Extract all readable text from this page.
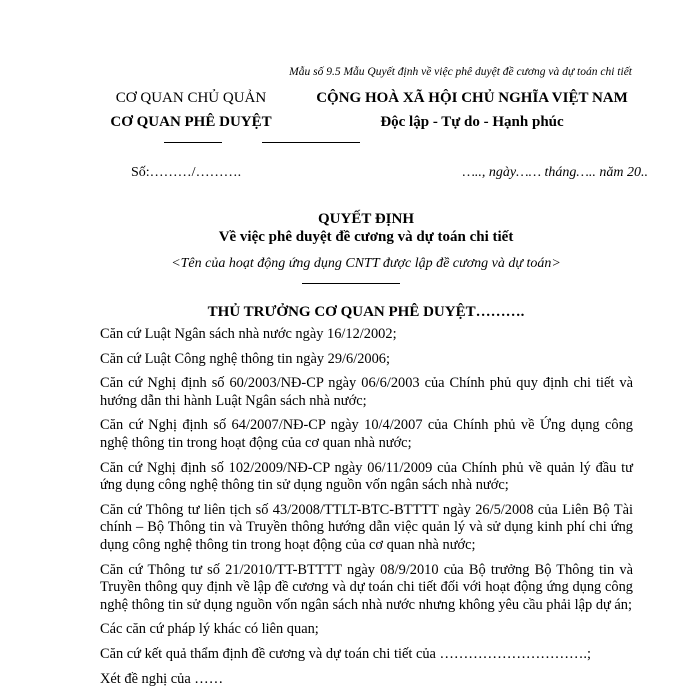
Mẫu số 9.5 Mẫu Quyết định về việc phê duyệt đề cương và dự toán chi tiết
CƠ QUAN CHỦ QUẢN
CƠ QUAN PHÊ DUYỆT
CỘNG HOÀ XÃ HỘI CHỦ NGHĨA VIỆT NAM
Độc lập - Tự do - Hạnh phúc
Số:………/……….	….., ngày…… tháng….. năm 20..
QUYẾT ĐỊNH
Về việc phê duyệt đề cương và dự toán chi tiết
<Tên của hoạt động ứng dụng CNTT được lập đề cương và dự toán>
THỦ TRƯỞNG CƠ QUAN PHÊ DUYỆT……….

Căn cứ Luật Ngân sách nhà nước ngày 16/12/2002;

Căn cứ Luật Công nghệ thông tin ngày 29/6/2006;

Căn cứ Nghị định số 60/2003/NĐ-CP ngày 06/6/2003 của Chính phủ quy định chi tiết và hướng dẫn thi hành Luật Ngân sách nhà nước;

Căn cứ Nghị định số 64/2007/NĐ-CP ngày 10/4/2007 của Chính phủ về Ứng dụng công nghệ thông tin trong hoạt động của cơ quan nhà nước;

Căn cứ Nghị định số 102/2009/NĐ-CP ngày 06/11/2009 của Chính phủ về quản lý đầu tư ứng dụng công nghệ thông tin sử dụng nguồn vốn ngân sách nhà nước;

Căn cứ Thông tư liên tịch số 43/2008/TTLT-BTC-BTTTT ngày 26/5/2008 của Liên Bộ Tài chính – Bộ Thông tin và Truyền thông hướng dẫn việc quản lý và sử dụng kinh phí chi ứng dụng công nghệ thông tin trong hoạt động của cơ quan nhà nước;

Căn cứ Thông tư số 21/2010/TT-BTTTT ngày 08/9/2010 của Bộ trưởng Bộ Thông tin và Truyền thông quy định về lập đề cương và dự toán chi tiết đối với hoạt động ứng dụng công nghệ thông tin sử dụng nguồn vốn ngân sách nhà nước nhưng không yêu cầu phải lập dự án;

Các căn cứ pháp lý khác có liên quan;

Căn cứ kết quả thẩm định đề cương và dự toán chi tiết của ………………………….;

Xét đề nghị của ……
